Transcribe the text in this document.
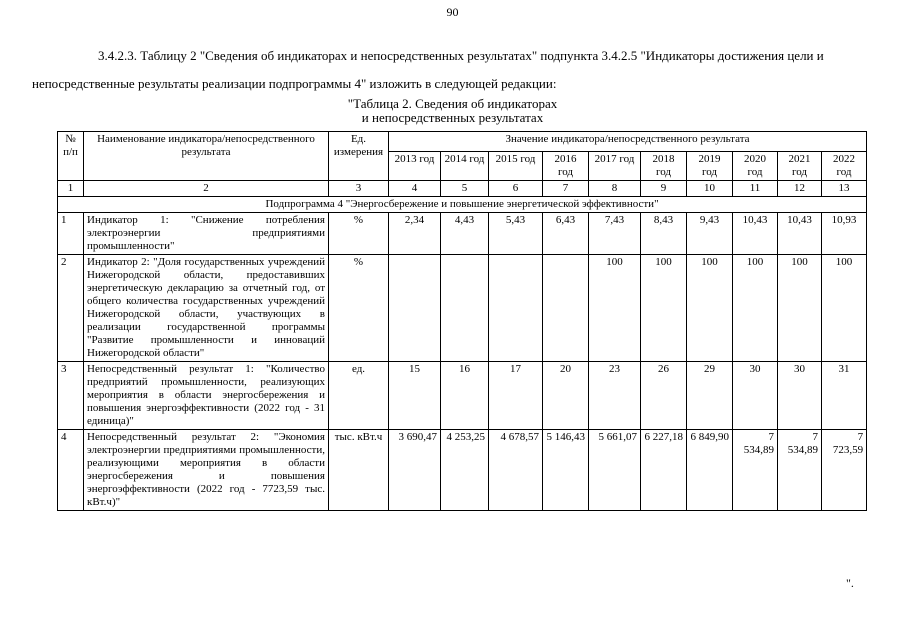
90

3.4.2.3. Таблицу 2 "Сведения об индикаторах и непосредственных результатах" подпункта 3.4.2.5 "Индикаторы достижения цели и непосредственные результаты реализации подпрограммы 4" изложить в следующей редакции:

"Таблица 2. Сведения об индикаторах
и непосредственных результатах
№ п/п	Наименование индикатора/непосредственного результата	Ед. измерения	Значение индикатора/непосредственного результата									
			2013 год	2014 год	2015 год	2016 год	2017 год	2018 год	2019 год	2020 год	2021 год	2022 год
1	2	3	4	5	6	7	8	9	10	11	12	13
Подпрограмма 4 "Энергосбережение и повышение энергетической эффективности"												
1	Индикатор 1: "Снижение потребления электроэнергии предприятиями промышленности"	%	2,34	4,43	5,43	6,43	7,43	8,43	9,43	10,43	10,43	10,93
2	Индикатор 2: "Доля государственных учреждений Нижегородской области, предоставивших энергетическую декларацию за отчетный год, от общего количества государственных учреждений Нижегородской области, участвующих в реализации государственной программы "Развитие промышленности и инноваций Нижегородской области"	%					100	100	100	100	100	100
3	Непосредственный результат 1: "Количество предприятий промышленности, реализующих мероприятия в области энергосбережения и повышения энергоэффективности (2022 год - 31 единица)"	ед.	15	16	17	20	23	26	29	30	30	31
4	Непосредственный результат 2: "Экономия электроэнергии предприятиями промышленности, реализующими мероприятия в области энергосбережения и повышения энергоэффективности (2022 год - 7723,59 тыс. кВт.ч)"	тыс. кВт.ч	3 690,47	4 253,25	4 678,57	5 146,43	5 661,07	6 227,18	6 849,90	7 534,89	7 534,89	7 723,59
".
